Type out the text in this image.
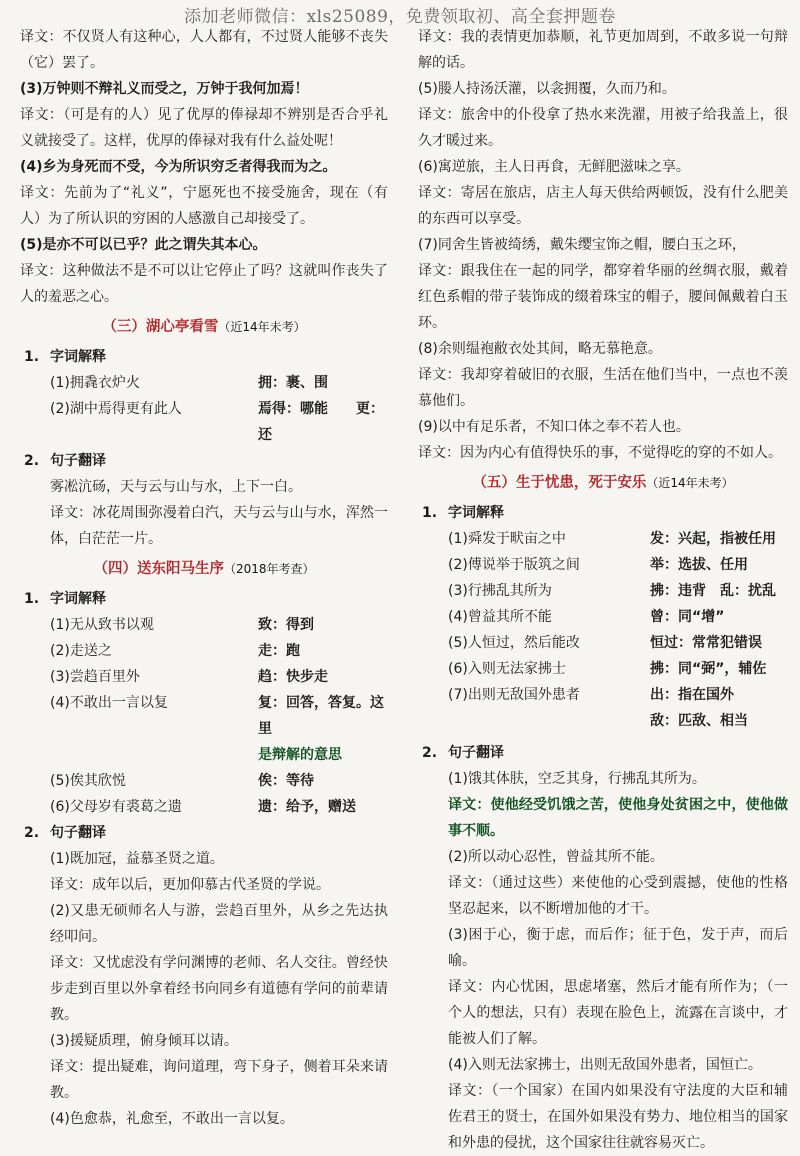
添加老师微信：xls25089，免费领取初、高全套押题卷

译文：不仅贤人有这种心，人人都有，不过贤人能够不丧失（它）罢了。

(3)万钟则不辩礼义而受之，万钟于我何加焉！

译文：（可是有的人）见了优厚的俸禄却不辨别是否合乎礼义就接受了。这样，优厚的俸禄对我有什么益处呢！

(4)乡为身死而不受，今为所识穷乏者得我而为之。

译文：先前为了“礼义”，宁愿死也不接受施舍，现在（有人）为了所认识的穷困的人感激自己却接受了。

(5)是亦不可以已乎？此之谓失其本心。

译文：这种做法不是不可以让它停止了吗？这就叫作丧失了人的羞恶之心。

（三）湖心亭看雪（近14年未考）
1. 字词解释
(1)拥毳衣炉火	拥：裹、围
(2)湖中焉得更有此人	焉得：哪能　　更：还
2. 句子翻译

雾凇沆砀，天与云与山与水，上下一白。

译文：冰花周围弥漫着白汽，天与云与山与水，浑然一体，白茫茫一片。

（四）送东阳马生序（2018年考查）
1. 字词解释
(1)无从致书以观	致：得到
(2)走送之	走：跑
(3)尝趋百里外	趋：快步走
(4)不敢出一言以复	复：回答，答复。这里
是辩解的意思
(5)俟其欣悦	俟：等待
(6)父母岁有裘葛之遗	遗：给予，赠送
2. 句子翻译

(1)既加冠，益慕圣贤之道。

译文：成年以后，更加仰慕古代圣贤的学说。

(2)又患无硕师名人与游，尝趋百里外，从乡之先达执经叩问。

译文：又忧虑没有学问渊博的老师、名人交往。曾经快步走到百里以外拿着经书向同乡有道德有学问的前辈请教。

(3)援疑质理，俯身倾耳以请。

译文：提出疑难，询问道理，弯下身子，侧着耳朵来请教。

(4)色愈恭，礼愈至，不敢出一言以复。

译文：我的表情更加恭顺，礼节更加周到，不敢多说一句辩解的话。

(5)媵人持汤沃灌，以衾拥覆，久而乃和。

译文：旅舍中的仆役拿了热水来洗濯，用被子给我盖上，很久才暖过来。

(6)寓逆旅，主人日再食，无鲜肥滋味之享。

译文：寄居在旅店，店主人每天供给两顿饭，没有什么肥美的东西可以享受。

(7)同舍生皆被绮绣，戴朱缨宝饰之帽，腰白玉之环，

译文：跟我住在一起的同学，都穿着华丽的丝绸衣服，戴着红色系帽的带子装饰成的缀着珠宝的帽子，腰间佩戴着白玉环。

(8)余则缊袍敝衣处其间，略无慕艳意。

译文：我却穿着破旧的衣服，生活在他们当中，一点也不羡慕他们。

(9)以中有足乐者，不知口体之奉不若人也。

译文：因为内心有值得快乐的事，不觉得吃的穿的不如人。

（五）生于忧患，死于安乐（近14年未考）
1. 字词解释
(1)舜发于畎亩之中	发：兴起，指被任用
(2)傅说举于版筑之间	举：选拔、任用
(3)行拂乱其所为	拂：违背　乱：扰乱
(4)曾益其所不能	曾：同“增”
(5)人恒过，然后能改	恒过：常常犯错误
(6)入则无法家拂士	拂：同“弼”，辅佐
(7)出则无敌国外患者	出：指在国外
敌：匹敌、相当
2. 句子翻译

(1)饿其体肤，空乏其身，行拂乱其所为。

译文：使他经受饥饿之苦，使他身处贫困之中，使他做事不顺。

(2)所以动心忍性，曾益其所不能。

译文：（通过这些）来使他的心受到震撼，使他的性格坚忍起来，以不断增加他的才干。

(3)困于心，衡于虑，而后作；征于色，发于声，而后喻。

译文：内心忧困，思虑堵塞，然后才能有所作为；（一个人的想法，只有）表现在脸色上，流露在言谈中，才能被人们了解。

(4)入则无法家拂士，出则无敌国外患者，国恒亡。

译文：（一个国家）在国内如果没有守法度的大臣和辅佐君王的贤士，在国外如果没有势力、地位相当的国家和外患的侵扰，这个国家往往就容易灭亡。
